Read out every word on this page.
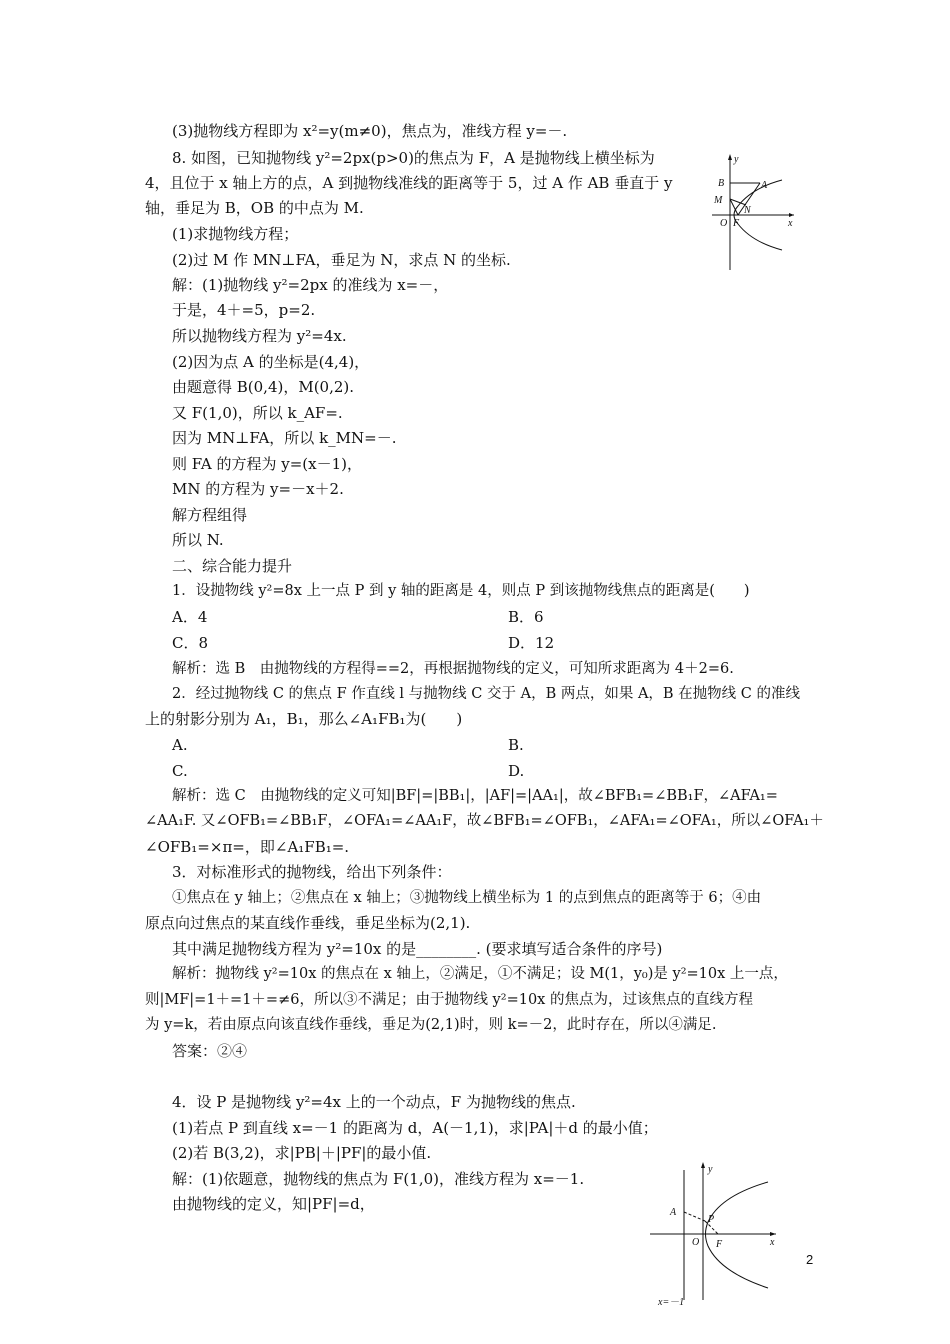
(3)抛物线方程即为 x²=y(m≠0)，焦点为，准线方程 y=－.
8. 如图，已知抛物线 y²=2px(p>0)的焦点为 F，A 是抛物线上横坐标为
4，且位于 x 轴上方的点，A 到抛物线准线的距离等于 5，过 A 作 AB 垂直于 y
轴，垂足为 B，OB 的中点为 M.
(1)求抛物线方程；
(2)过 M 作 MN⊥FA，垂足为 N，求点 N 的坐标.
解：(1)抛物线 y²=2px 的准线为 x=－，
于是，4＋=5，p=2.
所以抛物线方程为 y²=4x.
(2)因为点 A 的坐标是(4,4)，
由题意得 B(0,4)，M(0,2).
又 F(1,0)，所以 k_AF=.
因为 MN⊥FA，所以 k_MN=－.
则 FA 的方程为 y=(x－1)，
MN 的方程为 y=－x＋2.
解方程组得
所以 N.
二、综合能力提升
1．设抛物线 y²=8x 上一点 P 到 y 轴的距离是 4，则点 P 到该抛物线焦点的距离是(　　)
A．4	B．6
C．8	D．12
解析：选 B　由抛物线的方程得==2，再根据抛物线的定义，可知所求距离为 4＋2=6.
2．经过抛物线 C 的焦点 F 作直线 l 与抛物线 C 交于 A，B 两点，如果 A，B 在抛物线 C 的准线
上的射影分别为 A₁，B₁，那么∠A₁FB₁为(　　)
A.	B.
C.	D.
解析：选 C　由抛物线的定义可知|BF|=|BB₁|，|AF|=|AA₁|，故∠BFB₁=∠BB₁F，∠AFA₁=
∠AA₁F. 又∠OFB₁=∠BB₁F，∠OFA₁=∠AA₁F，故∠BFB₁=∠OFB₁，∠AFA₁=∠OFA₁，所以∠OFA₁＋
∠OFB₁=×π=，即∠A₁FB₁=.
3．对标准形式的抛物线，给出下列条件：
①焦点在 y 轴上；②焦点在 x 轴上；③抛物线上横坐标为 1 的点到焦点的距离等于 6；④由
原点向过焦点的某直线作垂线，垂足坐标为(2,1).
其中满足抛物线方程为 y²=10x 的是________. (要求填写适合条件的序号)
解析：抛物线 y²=10x 的焦点在 x 轴上，②满足，①不满足；设 M(1，y₀)是 y²=10x 上一点，
则|MF|=1＋=1＋=≠6，所以③不满足；由于抛物线 y²=10x 的焦点为，过该焦点的直线方程
为 y=k，若由原点向该直线作垂线，垂足为(2,1)时，则 k=－2，此时存在，所以④满足.
答案：②④
4．设 P 是抛物线 y²=4x 上的一个动点，F 为抛物线的焦点.
(1)若点 P 到直线 x=－1 的距离为 d，A(－1,1)，求|PA|＋d 的最小值；
(2)若 B(3,2)，求|PB|＋|PF|的最小值.
解：(1)依题意，抛物线的焦点为 F(1,0)，准线方程为 x=－1.
由抛物线的定义，知|PF|=d，
y
B	A
M
N
O F	x
y
A
P
O F	x
x=－1
2
